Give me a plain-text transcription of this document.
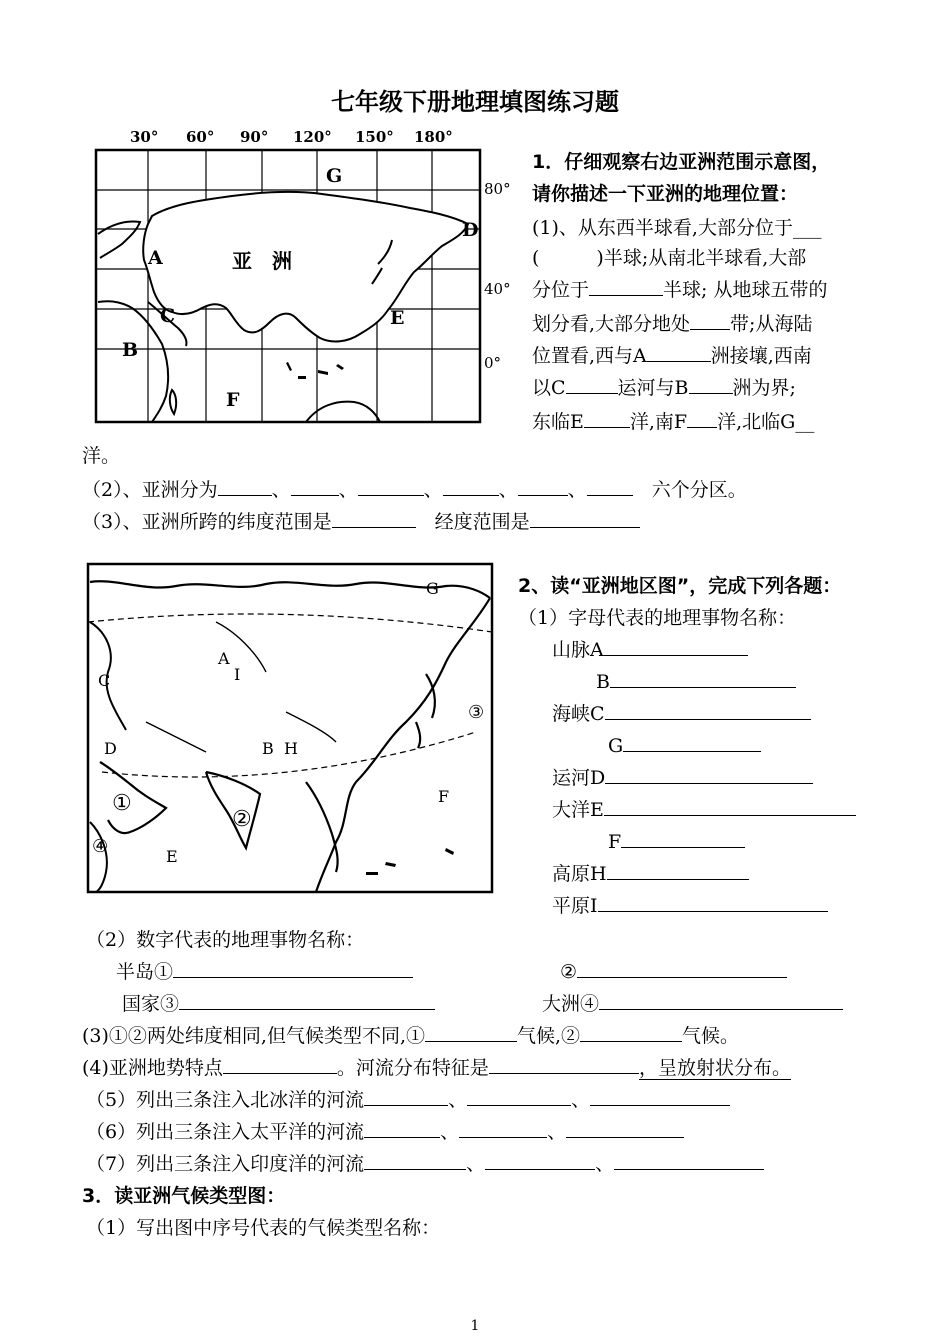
七年级下册地理填图练习题
30° 60° 90° 120° 150° 180°
80°
40°
0°
亚　洲
A
B
C
D
E
F
G
1．仔细观察右边亚洲范围示意图，
请你描述一下亚洲的地理位置：
(1)、从东西半球看,大部分位于___
(　　　)半球;从南北半球看,大部
分位于	半球; 从地球五带的
划分看,大部分地处 带;从海陆
位置看,西与A	洲接壤,西南
以C	运河与B 洲为界;
东临E 洋,南F 洋,北临G__
洋。
（2）、亚洲分为	、	、	、	、	、　	六个分区。
（3）、亚洲所跨的纬度范围是　	经度范围是
A
I
B H
C
D
E
F
G
①
②
③
④
2、读“亚洲地区图”，完成下列各题：
（1）字母代表的地理事物名称：
山脉A
B
海峡C
G
运河D
大洋E
F
高原H
平原I
（2）数字代表的地理事物名称：
半岛①	②
国家③	大洲④
(3)①②两处纬度相同,但气候类型不同,①	气候,②	气候。
(4)亚洲地势特点	。河流分布特征是	，呈放射状分布。
（5）列出三条注入北冰洋的河流	、	、
（6）列出三条注入太平洋的河流	、	、
（7）列出三条注入印度洋的河流	、	、
3．读亚洲气候类型图：
（1）写出图中序号代表的气候类型名称：
1
